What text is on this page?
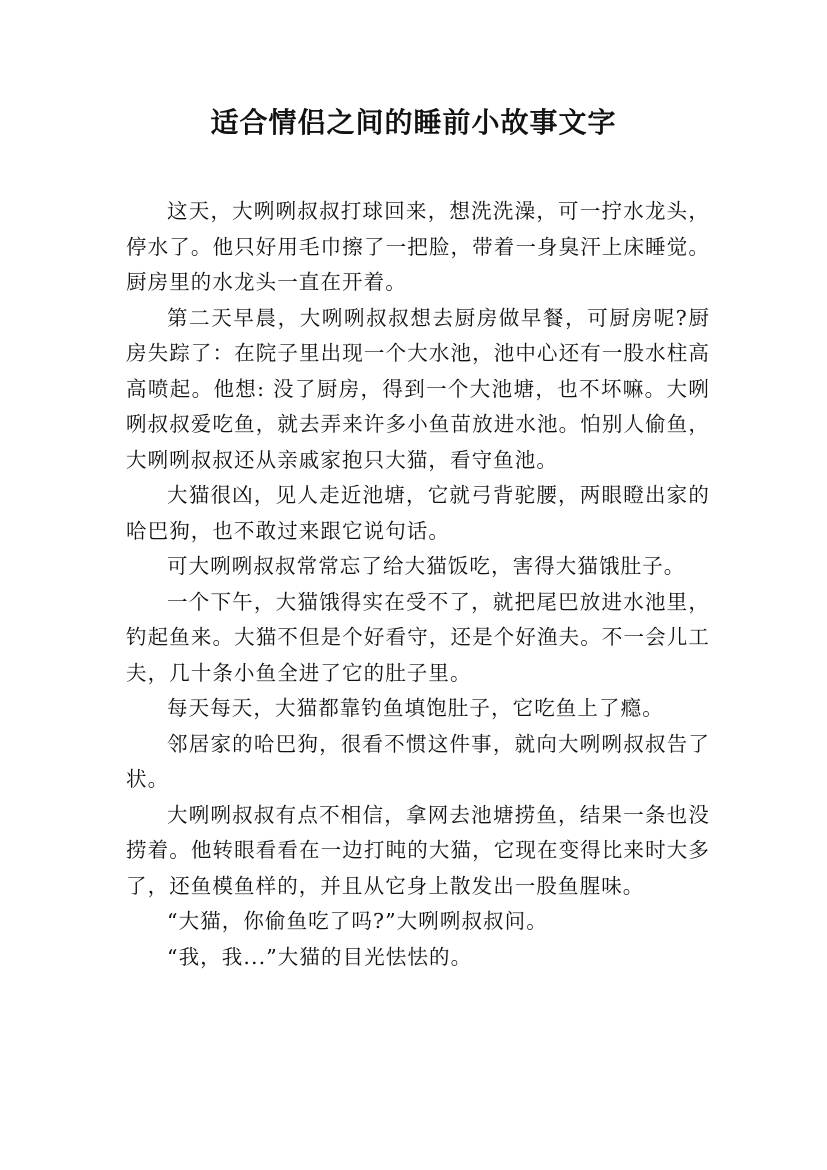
适合情侣之间的睡前小故事文字

这天，大咧咧叔叔打球回来，想洗洗澡，可一拧水龙头，停水了。他只好用毛巾擦了一把脸，带着一身臭汗上床睡觉。厨房里的水龙头一直在开着。

第二天早晨，大咧咧叔叔想去厨房做早餐，可厨房呢?厨房失踪了：在院子里出现一个大水池，池中心还有一股水柱高高喷起。他想: 没了厨房，得到一个大池塘，也不坏嘛。大咧咧叔叔爱吃鱼，就去弄来许多小鱼苗放进水池。怕别人偷鱼，大咧咧叔叔还从亲戚家抱只大猫，看守鱼池。

大猫很凶，见人走近池塘，它就弓背驼腰，两眼瞪出家的哈巴狗，也不敢过来跟它说句话。

可大咧咧叔叔常常忘了给大猫饭吃，害得大猫饿肚子。

一个下午，大猫饿得实在受不了，就把尾巴放进水池里，钓起鱼来。大猫不但是个好看守，还是个好渔夫。不一会儿工夫，几十条小鱼全进了它的肚子里。

每天每天，大猫都靠钓鱼填饱肚子，它吃鱼上了瘾。

邻居家的哈巴狗，很看不惯这件事，就向大咧咧叔叔告了状。

大咧咧叔叔有点不相信，拿网去池塘捞鱼，结果一条也没捞着。他转眼看看在一边打盹的大猫，它现在变得比来时大多了，还鱼模鱼样的，并且从它身上散发出一股鱼腥味。

“大猫，你偷鱼吃了吗?”大咧咧叔叔问。

“我，我...”大猫的目光怯怯的。
